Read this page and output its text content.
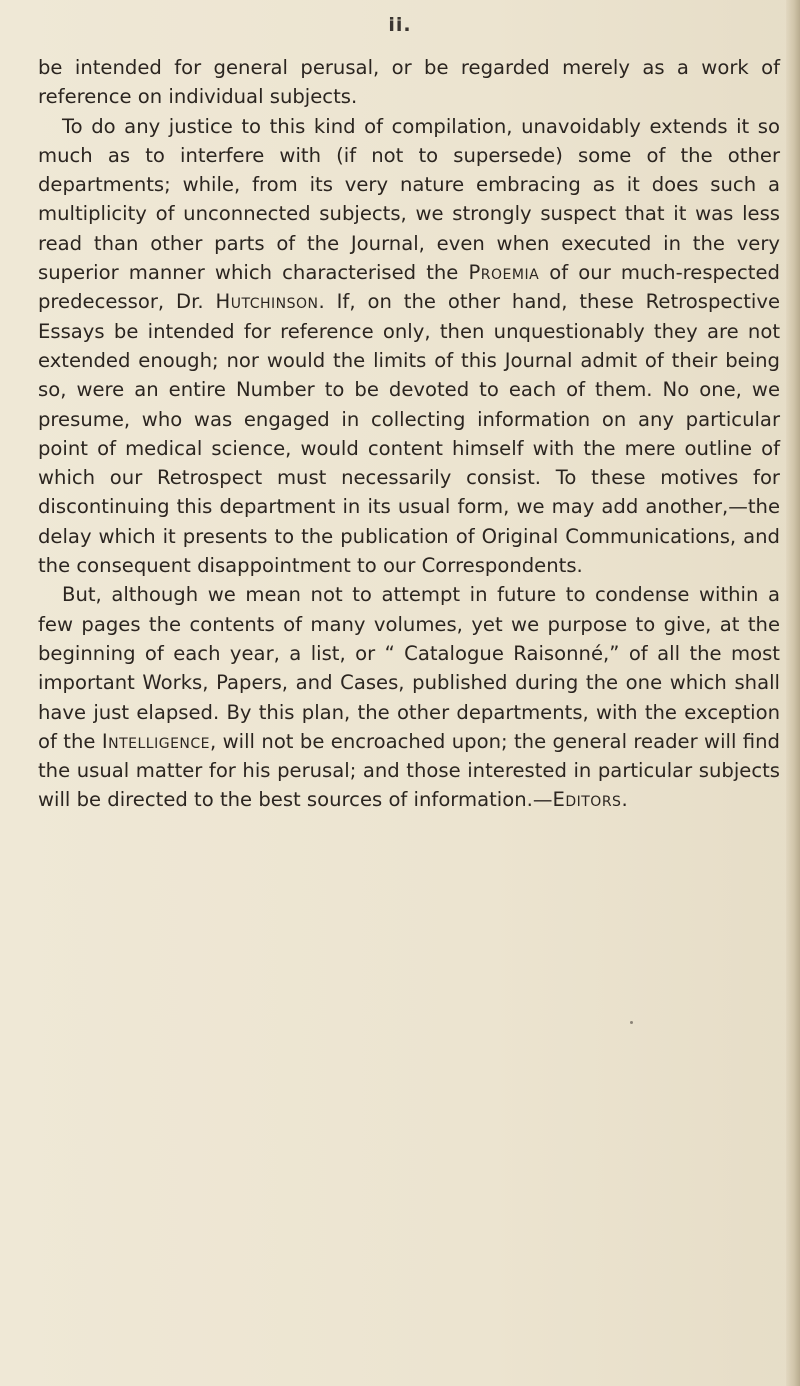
ii.

be intended for general perusal, or be regarded merely as a work of reference on individual subjects.

To do any justice to this kind of compilation, unavoidably extends it so much as to interfere with (if not to supersede) some of the other departments; while, from its very nature embracing as it does such a multiplicity of unconnected subjects, we strongly suspect that it was less read than other parts of the Journal, even when executed in the very superior manner which characterised the Proemia of our much-respected predecessor, Dr. Hutchinson. If, on the other hand, these Retrospective Essays be intended for reference only, then unquestionably they are not extended enough; nor would the limits of this Journal admit of their being so, were an entire Number to be devoted to each of them. No one, we presume, who was engaged in collecting information on any particular point of medical science, would content himself with the mere outline of which our Retrospect must necessarily consist. To these motives for discontinuing this department in its usual form, we may add another,—the delay which it presents to the publication of Original Communications, and the consequent disappointment to our Correspondents.

But, although we mean not to attempt in future to condense within a few pages the contents of many volumes, yet we purpose to give, at the beginning of each year, a list, or “ Catalogue Raisonné,” of all the most important Works, Papers, and Cases, published during the one which shall have just elapsed. By this plan, the other departments, with the exception of the Intelligence, will not be encroached upon; the general reader will find the usual matter for his perusal; and those interested in particular subjects will be directed to the best sources of information.—Editors.
